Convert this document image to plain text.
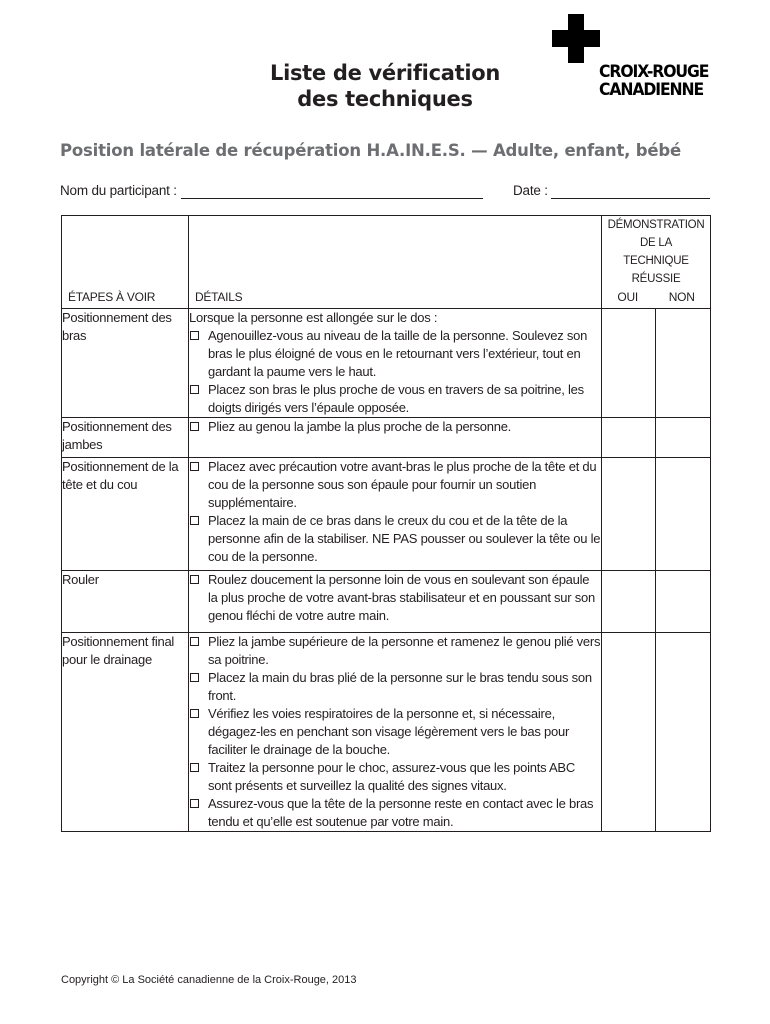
Liste de vérification
des techniques
CROIX-ROUGE
CANADIENNE
Position latérale de récupération H.A.IN.E.S. — Adulte, enfant, bébé
Nom du participant :	Date :
ÉTAPES À VOIR	DÉTAILS	DÉMONSTRATION DE LA
TECHNIQUE RÉUSSIE
OUI NON	

Positionnement des bras	Lorsque la personne est allongée sur le dos :
Agenouillez-vous au niveau de la taille de la personne. Soulevez son bras le plus éloigné de vous en le retournant vers l’extérieur, tout en gardant la paume vers le haut.
Placez son bras le plus proche de vous en travers de sa poitrine, les doigts dirigés vers l’épaule opposée.		

Positionnement des jambes	Pliez au genou la jambe la plus proche de la personne.		

Positionnement de la tête et du cou	Placez avec précaution votre avant-bras le plus proche de la tête et du cou de la personne sous son épaule pour fournir un soutien supplémentaire.
Placez la main de ce bras dans le creux du cou et de la tête de la personne afin de la stabiliser. NE PAS pousser ou soulever la tête ou le cou de la personne.		

Rouler	Roulez doucement la personne loin de vous en soulevant son épaule la plus proche de votre avant-bras stabilisateur et en poussant sur son genou fléchi de votre autre main.		

Positionnement final pour le drainage	Pliez la jambe supérieure de la personne et ramenez le genou plié vers sa poitrine.
Placez la main du bras plié de la personne sur le bras tendu sous son front.
Vérifiez les voies respiratoires de la personne et, si nécessaire, dégagez-les en penchant son visage légèrement vers le bas pour faciliter le drainage de la bouche.
Traitez la personne pour le choc, assurez-vous que les points ABC sont présents et surveillez la qualité des signes vitaux.
Assurez-vous que la tête de la personne reste en contact avec le bras tendu et qu’elle est soutenue par votre main.		

Copyright © La Société canadienne de la Croix-Rouge, 2013
